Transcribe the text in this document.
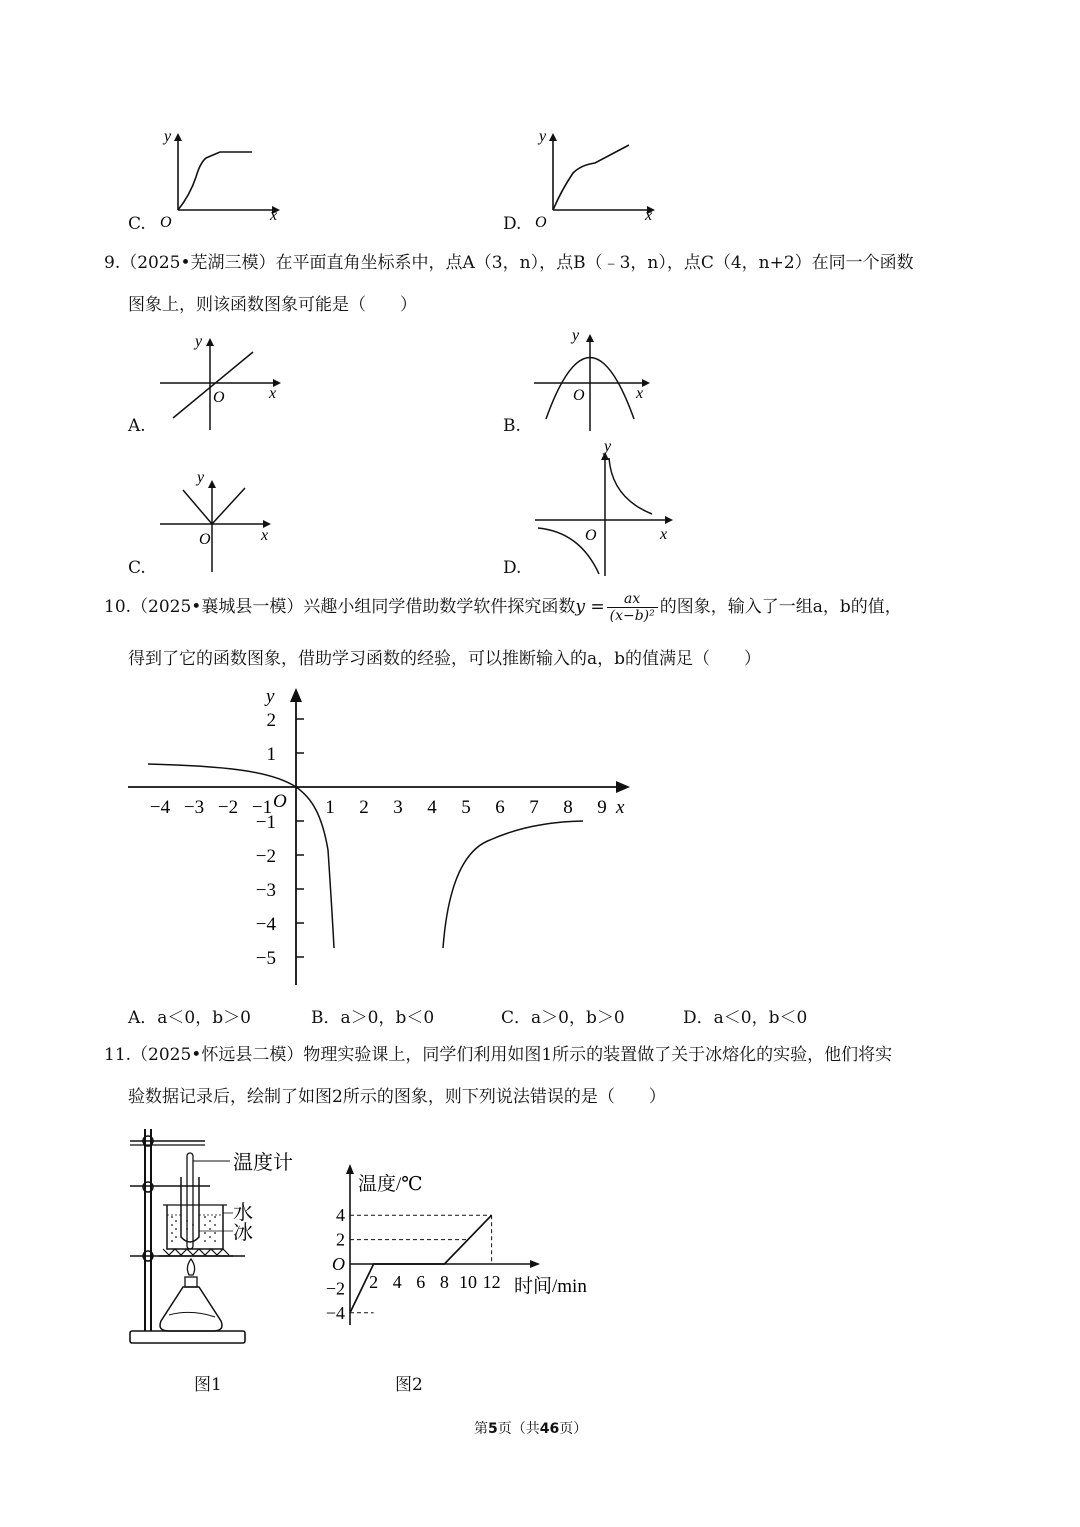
y
x
O
C.
y
x
O
D.
9.（2025•芜湖三模）在平面直角坐标系中，点A（3，n），点B（﹣3，n），点C（4，n+2）在同一个函数
图象上，则该函数图象可能是（　　）
y
x
O
A.
y
x
O
B.
y
x
O
C.
y
x
O
D.
10.（2025•襄城县一模）兴趣小组同学借助数学软件探究函数$y = \frac{ax}{\text{(x−b)²}}$ 的图象，输入了一组a，b的值，
得到了它的函数图象，借助学习函数的经验，可以推断输入的a，b的值满足（　　）
−4 −3 −2 −1	1 2 3 4 5 6 7 8 9
2
1
−1
−2
−3
−4
−5
y
x
O
A．a＜0，b＞0	B．a＞0，b＜0	C．a＞0，b＞0	D．a＜0，b＜0
11.（2025•怀远县二模）物理实验课上，同学们利用如图1所示的装置做了关于冰熔化的实验，他们将实
验数据记录后，绘制了如图2所示的图象，则下列说法错误的是（　　）
温度计
水
冰
图1
4
2
−2
−4
2 4 6 8 10 12
温度/℃
时间/min
O
图2
第5页（共46页）
